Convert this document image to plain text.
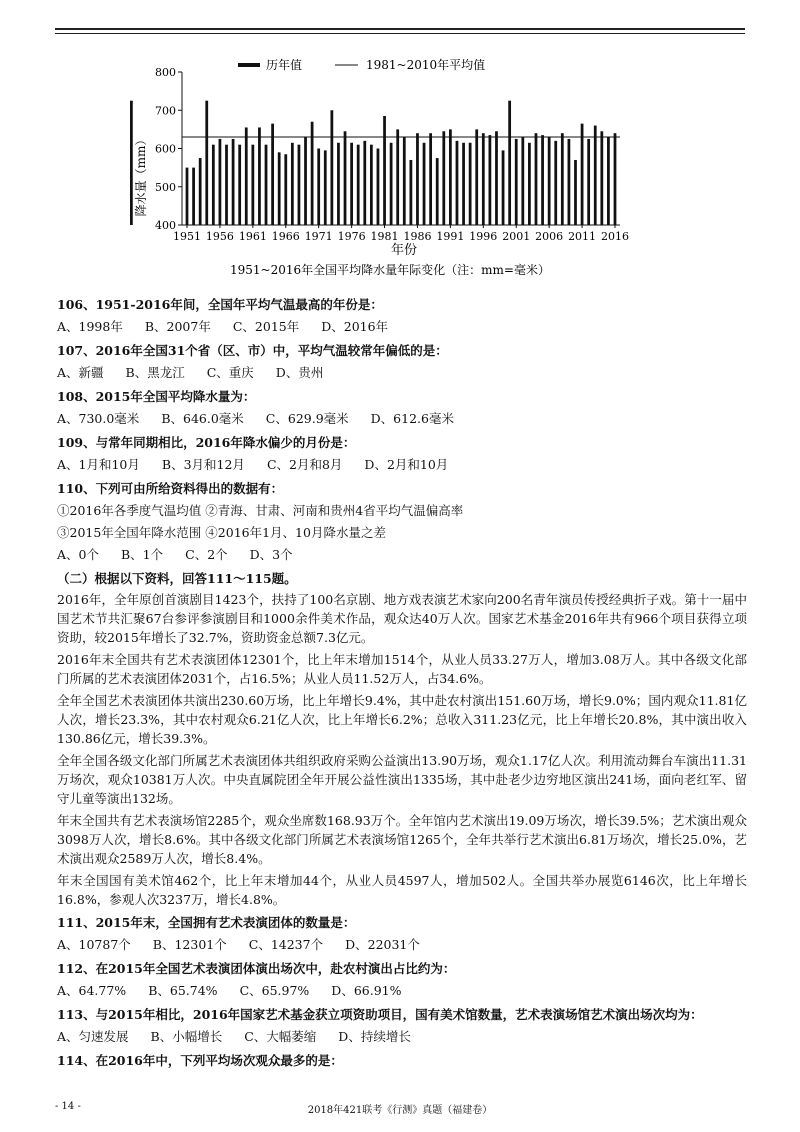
历年值	1981~2010年平均值
降水量（mm）
年份
1951~2016年全国平均降水量年际变化（注：mm=毫米）
400
500
600
700
800
1951 1956 1961 1966 1971 1976 1981 1986 1991 1996 2001 2006 2011 2016

106、1951-2016年间，全国年平均气温最高的年份是：

A、1998年 B、2007年 C、2015年 D、2016年

107、2016年全国31个省（区、市）中，平均气温较常年偏低的是：

A、新疆 B、黑龙江 C、重庆 D、贵州

108、2015年全国平均降水量为：

A、730.0毫米 B、646.0毫米 C、629.9毫米 D、612.6毫米

109、与常年同期相比，2016年降水偏少的月份是：

A、1月和10月 B、3月和12月 C、2月和8月 D、2月和10月

110、下列可由所给资料得出的数据有：

①2016年各季度气温均值 ②青海、甘肃、河南和贵州4省平均气温偏高率

③2015年全国年降水范围 ④2016年1月、10月降水量之差

A、0个 B、1个 C、2个 D、3个

（二）根据以下资料，回答111～115题。

2016年，全年原创首演剧目1423个，扶持了100名京剧、地方戏表演艺术家向200名青年演员传授经典折子戏。第十一届中国艺术节共汇聚67台参评参演剧目和1000余件美术作品，观众达40万人次。国家艺术基金2016年共有966个项目获得立项资助，较2015年增长了32.7%，资助资金总额7.3亿元。

2016年末全国共有艺术表演团体12301个，比上年末增加1514个，从业人员33.27万人，增加3.08万人。其中各级文化部门所属的艺术表演团体2031个，占16.5%；从业人员11.52万人，占34.6%。

全年全国艺术表演团体共演出230.60万场，比上年增长9.4%，其中赴农村演出151.60万场，增长9.0%；国内观众11.81亿人次，增长23.3%，其中农村观众6.21亿人次，比上年增长6.2%；总收入311.23亿元，比上年增长20.8%，其中演出收入130.86亿元，增长39.3%。

全年全国各级文化部门所属艺术表演团体共组织政府采购公益演出13.90万场，观众1.17亿人次。利用流动舞台车演出11.31万场次，观众10381万人次。中央直属院团全年开展公益性演出1335场，其中赴老少边穷地区演出241场，面向老红军、留守儿童等演出132场。

年末全国共有艺术表演场馆2285个，观众坐席数168.93万个。全年馆内艺术演出19.09万场次，增长39.5%；艺术演出观众3098万人次，增长8.6%。其中各级文化部门所属艺术表演场馆1265个，全年共举行艺术演出6.81万场次，增长25.0%，艺术演出观众2589万人次，增长8.4%。

年末全国国有美术馆462个，比上年末增加44个，从业人员4597人，增加502人。全国共举办展览6146次，比上年增长16.8%，参观人次3237万，增长4.8%。

111、2015年末，全国拥有艺术表演团体的数量是：

A、10787个 B、12301个 C、14237个 D、22031个

112、在2015年全国艺术表演团体演出场次中，赴农村演出占比约为：

A、64.77% B、65.74% C、65.97% D、66.91%

113、与2015年相比，2016年国家艺术基金获立项资助项目，国有美术馆数量，艺术表演场馆艺术演出场次均为：

A、匀速发展 B、小幅增长 C、大幅萎缩 D、持续增长

114、在2016年中，下列平均场次观众最多的是：

- 14 -	2018年421联考《行测》真题（福建卷）
